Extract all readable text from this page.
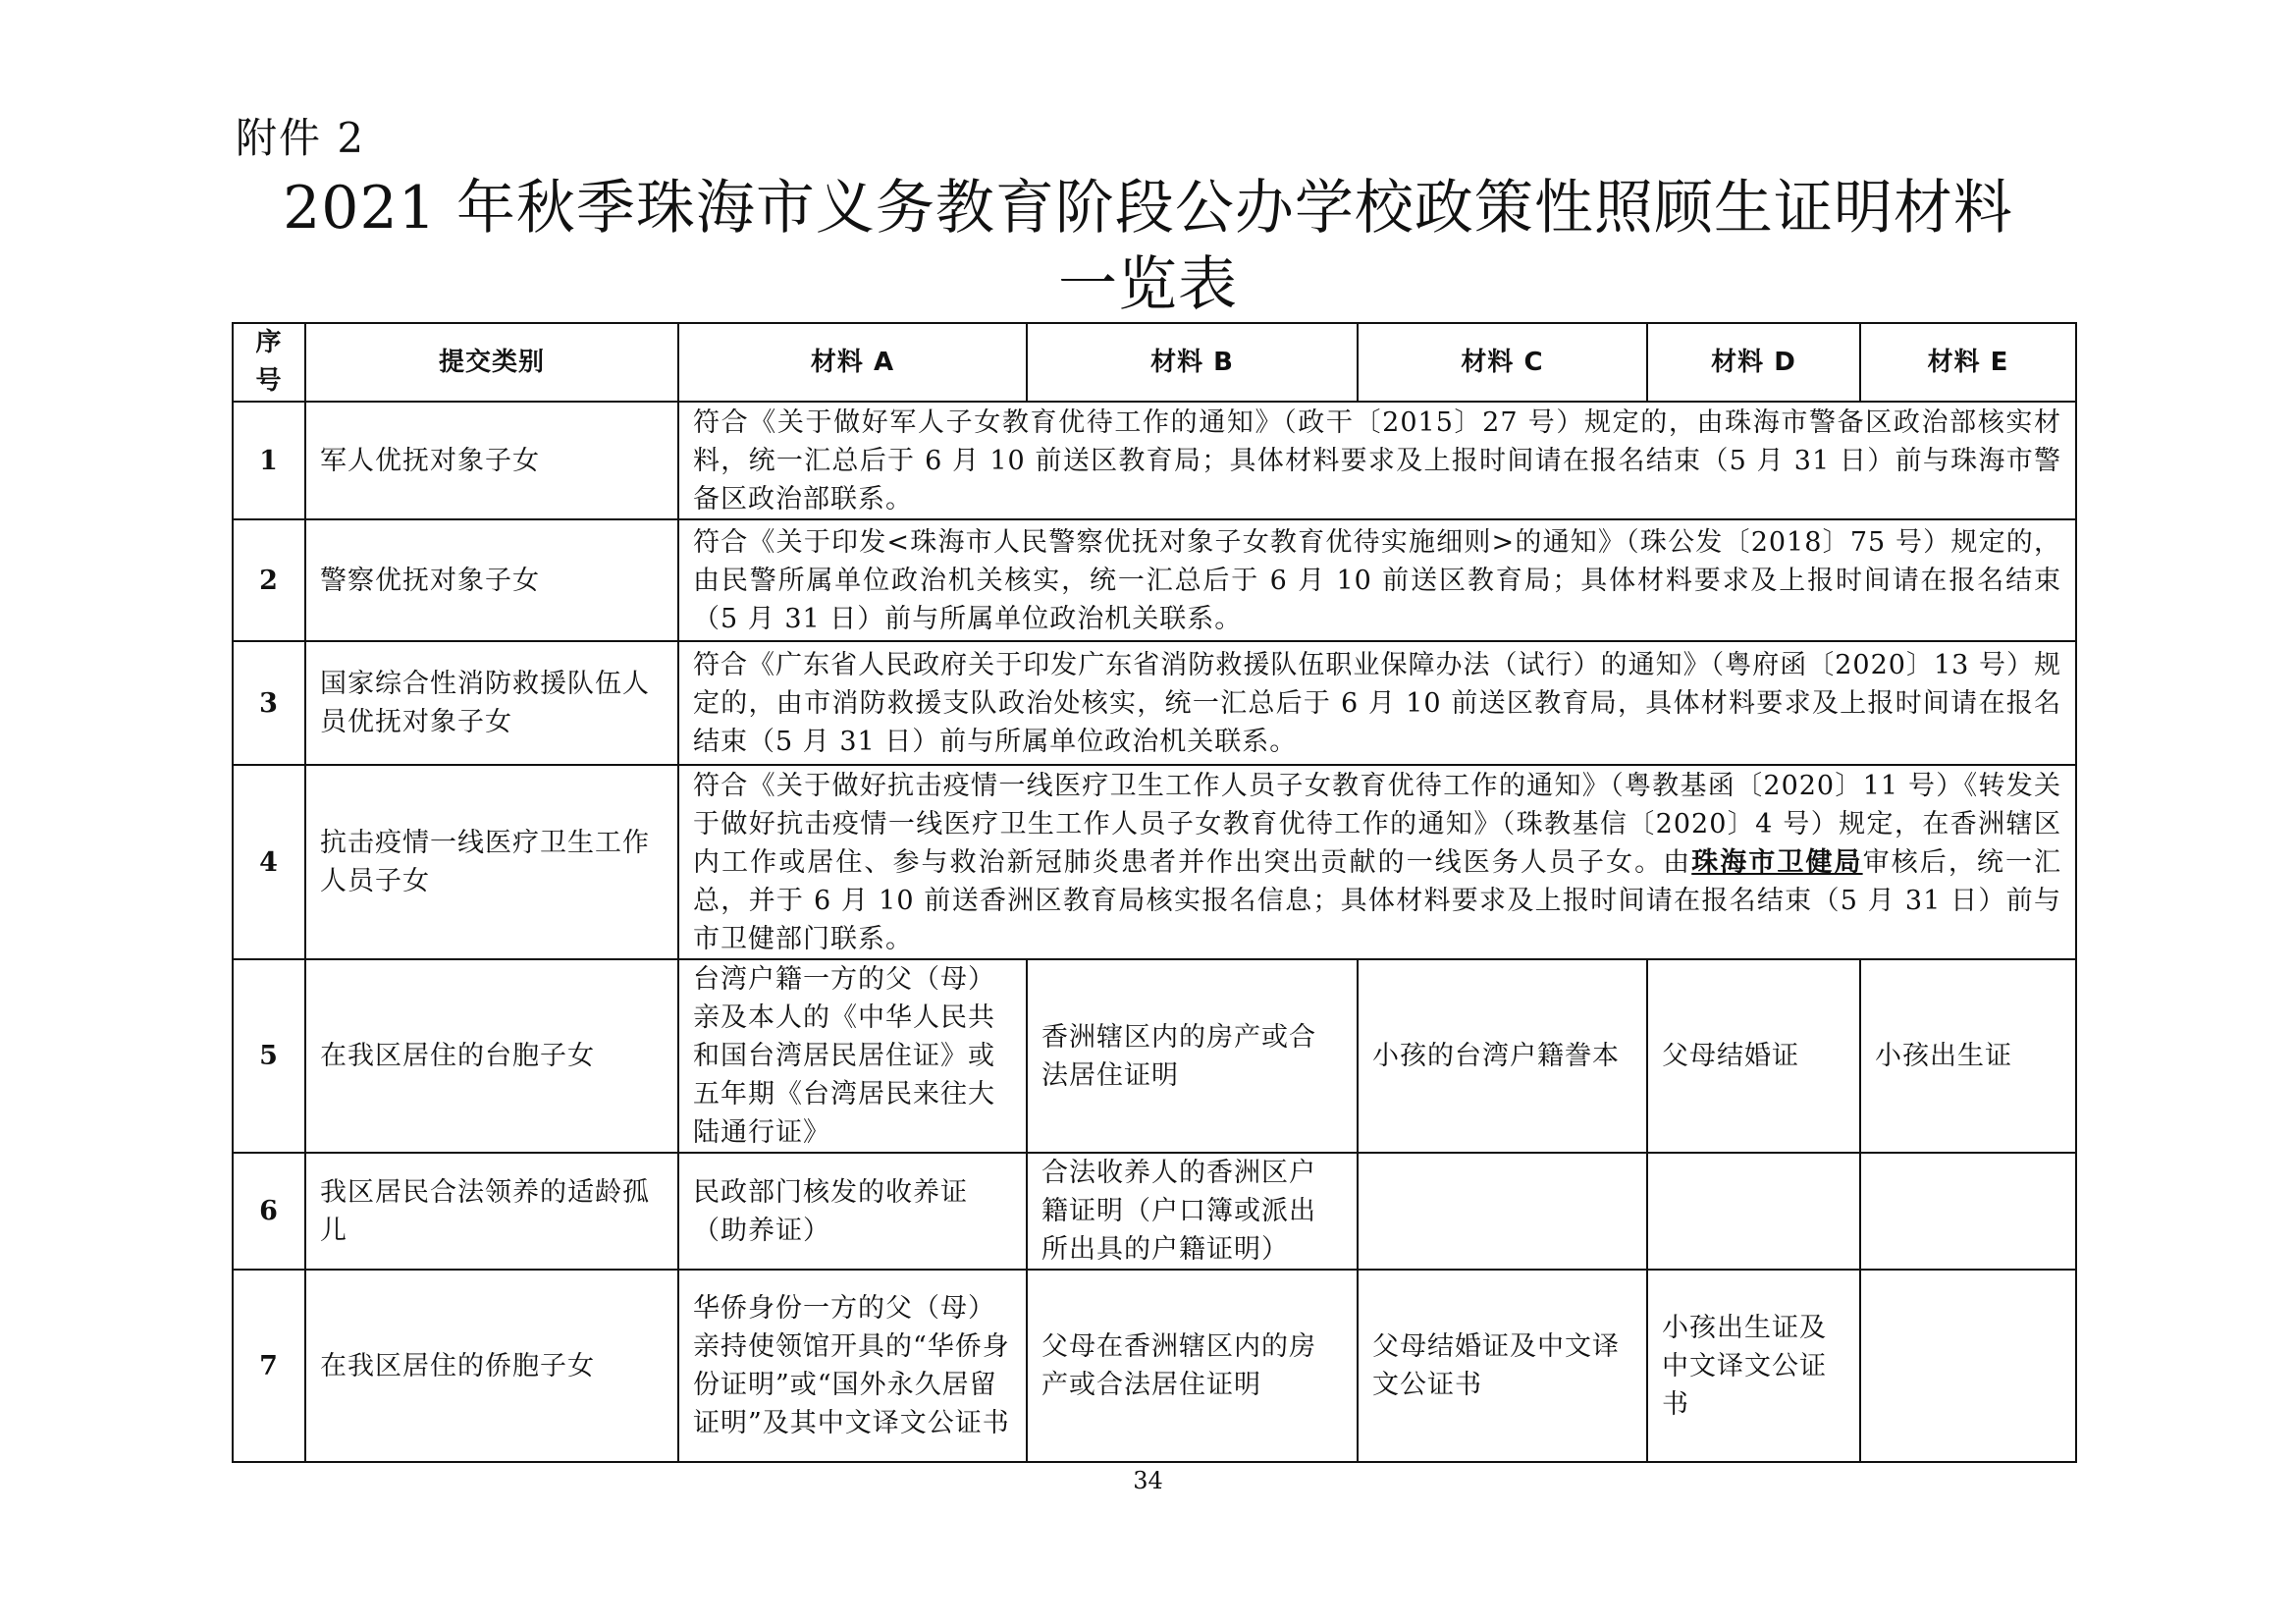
附件 2
2021 年秋季珠海市义务教育阶段公办学校政策性照顾生证明材料
一览表
序号	提交类别	材料 A	材料 B	材料 C	材料 D	材料 E
1	军人优抚对象子女	符合《关于做好军人子女教育优待工作的通知》（政干〔2015〕27 号）规定的，由珠海市警备区政治部核实材料，统一汇总后于 6 月 10 前送区教育局；具体材料要求及上报时间请在报名结束（5 月 31 日）前与珠海市警备区政治部联系。				
2	警察优抚对象子女	符合《关于印发<珠海市人民警察优抚对象子女教育优待实施细则>的通知》（珠公发〔2018〕75 号）规定的，由民警所属单位政治机关核实，统一汇总后于 6 月 10 前送区教育局；具体材料要求及上报时间请在报名结束（5 月 31 日）前与所属单位政治机关联系。				
3	国家综合性消防救援队伍人员优抚对象子女	符合《广东省人民政府关于印发广东省消防救援队伍职业保障办法（试行）的通知》（粤府函〔2020〕13 号）规定的，由市消防救援支队政治处核实，统一汇总后于 6 月 10 前送区教育局，具体材料要求及上报时间请在报名结束（5 月 31 日）前与所属单位政治机关联系。				
4	抗击疫情一线医疗卫生工作人员子女	符合《关于做好抗击疫情一线医疗卫生工作人员子女教育优待工作的通知》（粤教基函〔2020〕11 号）《转发关于做好抗击疫情一线医疗卫生工作人员子女教育优待工作的通知》（珠教基信〔2020〕4 号）规定，在香洲辖区内工作或居住、参与救治新冠肺炎患者并作出突出贡献的一线医务人员子女。由珠海市卫健局审核后，统一汇总，并于 6 月 10 前送香洲区教育局核实报名信息；具体材料要求及上报时间请在报名结束（5 月 31 日）前与市卫健部门联系。				
5	在我区居住的台胞子女	台湾户籍一方的父（母）亲及本人的《中华人民共和国台湾居民居住证》或五年期《台湾居民来往大陆通行证》	香洲辖区内的房产或合法居住证明	小孩的台湾户籍誊本	父母结婚证	小孩出生证
6	我区居民合法领养的适龄孤儿	民政部门核发的收养证（助养证）	合法收养人的香洲区户籍证明（户口簿或派出所出具的户籍证明）			
7	在我区居住的侨胞子女	华侨身份一方的父（母）亲持使领馆开具的“华侨身份证明”或“国外永久居留证明”及其中文译文公证书	父母在香洲辖区内的房产或合法居住证明	父母结婚证及中文译文公证书	小孩出生证及中文译文公证书	
34
